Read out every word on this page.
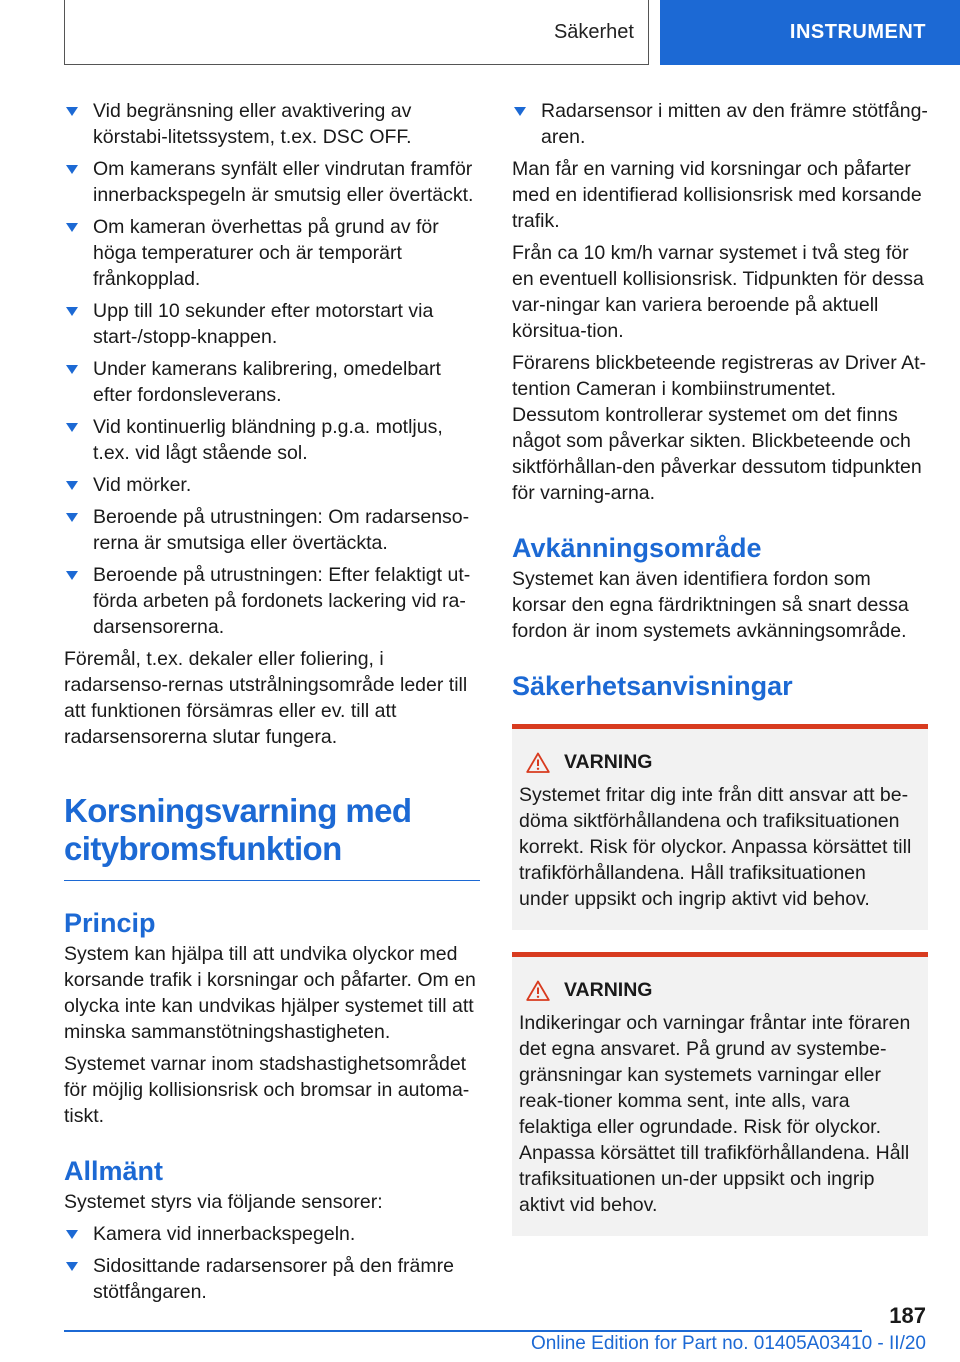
Säkerhet	INSTRUMENT
Vid begränsning eller avaktivering av körstabi-litetssystem, t.ex. DSC OFF.
Om kamerans synfält eller vindrutan framför innerbackspegeln är smutsig eller övertäckt.
Om kameran överhettas på grund av för höga temperaturer och är temporärt frånkopplad.
Upp till 10 sekunder efter motorstart via start-/stopp-knappen.
Under kamerans kalibrering, omedelbart efter fordonsleverans.
Vid kontinuerlig bländning p.g.a. motljus, t.ex. vid lågt stående sol.
Vid mörker.
Beroende på utrustningen: Om radarsenso-rerna är smutsiga eller övertäckta.
Beroende på utrustningen: Efter felaktigt ut-förda arbeten på fordonets lackering vid ra-darsensorerna.

Föremål, t.ex. dekaler eller foliering, i radarsenso-rernas utstrålningsområde leder till att funktionen försämras eller ev. till att radarsensorerna slutar fungera.

Korsningsvarning med citybromsfunktion
Princip

System kan hjälpa till att undvika olyckor med korsande trafik i korsningar och påfarter. Om en olycka inte kan undvikas hjälper systemet till att minska sammanstötningshastigheten.

Systemet varnar inom stadshastighetsområdet för möjlig kollisionsrisk och bromsar in automa-tiskt.

Allmänt

Systemet styrs via följande sensorer:

Kamera vid innerbackspegeln.
Sidosittande radarsensorer på den främre stötfångaren.
Radarsensor i mitten av den främre stötfång-aren.

Man får en varning vid korsningar och påfarter med en identifierad kollisionsrisk med korsande trafik.

Från ca 10 km/h varnar systemet i två steg för en eventuell kollisionsrisk. Tidpunkten för dessa var-ningar kan variera beroende på aktuell körsitua-tion.

Förarens blickbeteende registreras av Driver At-tention Cameran i kombiinstrumentet. Dessutom kontrollerar systemet om det finns något som påverkar sikten. Blickbeteende och siktförhållan-den påverkar dessutom tidpunkten för varning-arna.

Avkänningsområde

Systemet kan även identifiera fordon som korsar den egna färdriktningen så snart dessa fordon är inom systemets avkänningsområde.

Säkerhetsanvisningar
VARNING

Systemet fritar dig inte från ditt ansvar att be-döma siktförhållandena och trafiksituationen korrekt. Risk för olyckor. Anpassa körsättet till trafikförhållandena. Håll trafiksituationen under uppsikt och ingrip aktivt vid behov.

VARNING

Indikeringar och varningar fråntar inte föraren det egna ansvaret. På grund av systembe-gränsningar kan systemets varningar eller reak-tioner komma sent, inte alls, vara felaktiga eller ogrundade. Risk för olyckor. Anpassa körsättet till trafikförhållandena. Håll trafiksituationen un-der uppsikt och ingrip aktivt vid behov.

187
Online Edition for Part no. 01405A03410 - II/20
